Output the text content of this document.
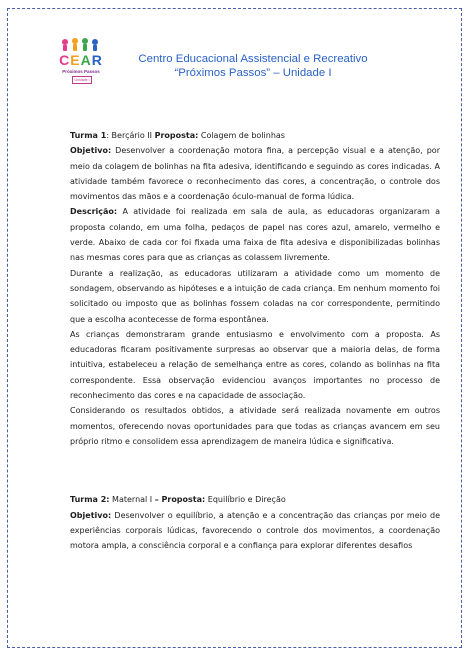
CEAR
Próximos Passos
Unidade I
Centro Educacional Assistencial e Recreativo
“Próximos Passos” – Unidade I

Turma 1: Berçário II Proposta: Colagem de bolinhas

Objetivo: Desenvolver a coordenação motora fina, a percepção visual e a atenção, por meio da colagem de bolinhas na fita adesiva, identificando e seguindo as cores indicadas. A atividade também favorece o reconhecimento das cores, a concentração, o controle dos movimentos das mãos e a coordenação óculo-manual de forma lúdica.

Descrição: A atividade foi realizada em sala de aula, as educadoras organizaram a proposta colando, em uma folha, pedaços de papel nas cores azul, amarelo, vermelho e verde. Abaixo de cada cor foi fixada uma faixa de fita adesiva e disponibilizadas bolinhas nas mesmas cores para que as crianças as colassem livremente.

Durante a realização, as educadoras utilizaram a atividade como um momento de sondagem, observando as hipóteses e a intuição de cada criança. Em nenhum momento foi solicitado ou imposto que as bolinhas fossem coladas na cor correspondente, permitindo que a escolha acontecesse de forma espontânea.

As crianças demonstraram grande entusiasmo e envolvimento com a proposta. As educadoras ficaram positivamente surpresas ao observar que a maioria delas, de forma intuitiva, estabeleceu a relação de semelhança entre as cores, colando as bolinhas na fita correspondente. Essa observação evidenciou avanços importantes no processo de reconhecimento das cores e na capacidade de associação.

Considerando os resultados obtidos, a atividade será realizada novamente em outros momentos, oferecendo novas oportunidades para que todas as crianças avancem em seu próprio ritmo e consolidem essa aprendizagem de maneira lúdica e significativa.

Turma 2: Maternal I – Proposta: Equilíbrio e Direção

Objetivo: Desenvolver o equilíbrio, a atenção e a concentração das crianças por meio de experiências corporais lúdicas, favorecendo o controle dos movimentos, a coordenação motora ampla, a consciência corporal e a confiança para explorar diferentes desafios
